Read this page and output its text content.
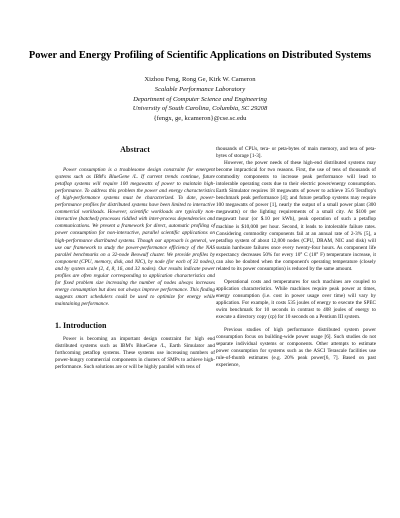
Power and Energy Profiling of Scientific Applications on Distributed Systems
Xizhou Feng, Rong Ge, Kirk W. Cameron
Scalable Performance Laboratory
Department of Computer Science and Engineering
University of South Carolina, Columbia, SC 29208
{fengx, ge, kcameron}@cse.sc.edu
Abstract

Power consumption is a troublesome design constraint for emergent systems such as IBM's BlueGene /L. If current trends continue, future petaflop systems will require 100 megawatts of power to maintain high-performance. To address this problem the power and energy characteristics of high-performance systems must be characterized. To date, power-performance profiles for distributed systems have been limited to interactive commercial workloads. However, scientific workloads are typically non-interactive (batched) processes riddled with inter-process dependencies and communications. We present a framework for direct, automatic profiling of power consumption for non-interactive, parallel scientific applications on high-performance distributed systems. Though our approach is general, we use our framework to study the power-performance efficiency of the NAS parallel benchmarks on a 32-node Beowulf cluster. We provide profiles by component (CPU, memory, disk, and NIC), by node (for each of 32 nodes), and by system scale (2, 4, 8, 16, and 32 nodes). Our results indicate power profiles are often regular corresponding to application characteristics and for fixed problem size increasing the number of nodes always increases energy consumption but does not always improve performance. This finding suggests smart schedulers could be used to optimize for energy while maintaining performance.

1. Introduction

Power is becoming an important design constraint for high end distributed systems such as IBM's BlueGene /L, Earth Simulator and forthcoming petaflop systems. These systems use increasing numbers of power-hungry commercial components in clusters of SMPs to achieve high-performance. Such solutions are or will be highly parallel with tens of

thousands of CPUs, tera- or peta-bytes of main memory, and tera of peta-bytes of storage [1-3].

However, the power needs of these high-end distributed systems may become impractical for two reasons. First, the use of tens of thousands of commodity components to increase peak performance will lead to intolerable operating costs due to their electric power/energy consumption. Earth Simulator requires 18 megawatts of power to achieve 35.6 Teraflop's benchmark peak performance [4]; and future petaflop systems may require 100 megawatts of power [1], nearly the output of a small power plant (300 megawatts) or the lighting requirements of a small city. At $100 per megawatt hour (or $.10 per kWh), peak operation of such a petaflop machine is $10,000 per hour. Second, it leads to intolerable failure rates. Considering commodity components fail at an annual rate of 2-3% [5], a petaflop system of about 12,000 nodes (CPU, DRAM, NIC and disk) will sustain hardware failures once every twenty-four hours. As component life expectancy decreases 50% for every 10° C (18° F) temperature increase, it can also be doubted when the component's operating temperature (closely related to its power consumption) is reduced by the same amount.

Operational costs and temperatures for such machines are coupled to application characteristics. While machines require peak power at times, energy consumption (i.e. cost in power usage over time) will vary by application. For example, it costs 535 joules of energy to execute the SPEC swim benchmark for 10 seconds in contrast to 408 joules of energy to execute a directory copy (cp) for 10 seconds on a Pentium III system.

Previous studies of high performance distributed system power consumption focus on building-wide power usage [6]. Such studies do not separate individual systems or components. Other attempts to estimate power consumption for systems such as the ASCI Terascale facilities use rule-of-thumb estimates (e.g. 20% peak power[6, 7]. Based on past experience,
